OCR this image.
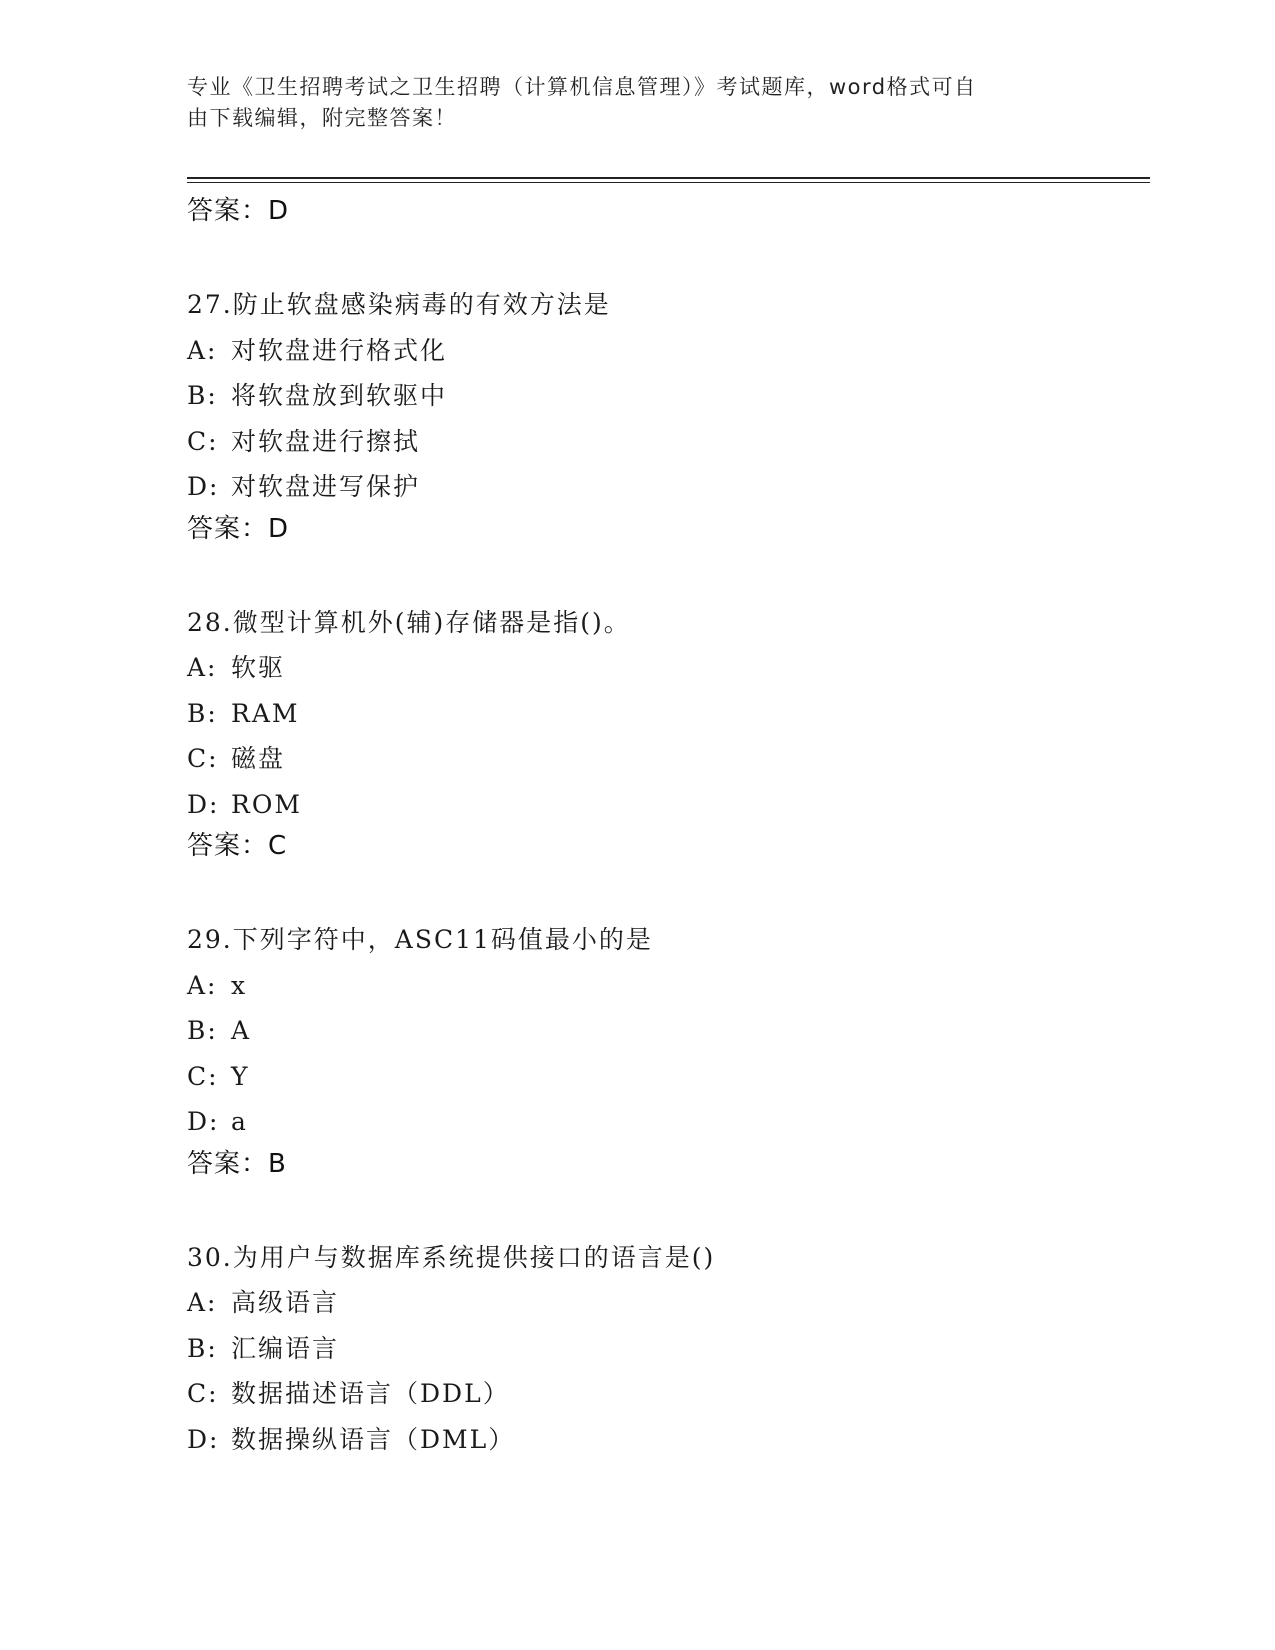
专业《卫生招聘考试之卫生招聘（计算机信息管理）》考试题库，word格式可自
由下载编辑，附完整答案！
答案：D
27.防止软盘感染病毒的有效方法是
A: 对软盘进行格式化
B: 将软盘放到软驱中
C: 对软盘进行擦拭
D: 对软盘进写保护
答案：D
28.微型计算机外(辅)存储器是指()。
A: 软驱
B: RAM
C: 磁盘
D: ROM
答案：C
29.下列字符中，ASC11码值最小的是
A: x
B: A
C: Y
D: a
答案：B
30.为用户与数据库系统提供接口的语言是()
A: 高级语言
B: 汇编语言
C: 数据描述语言（DDL）
D: 数据操纵语言（DML）
